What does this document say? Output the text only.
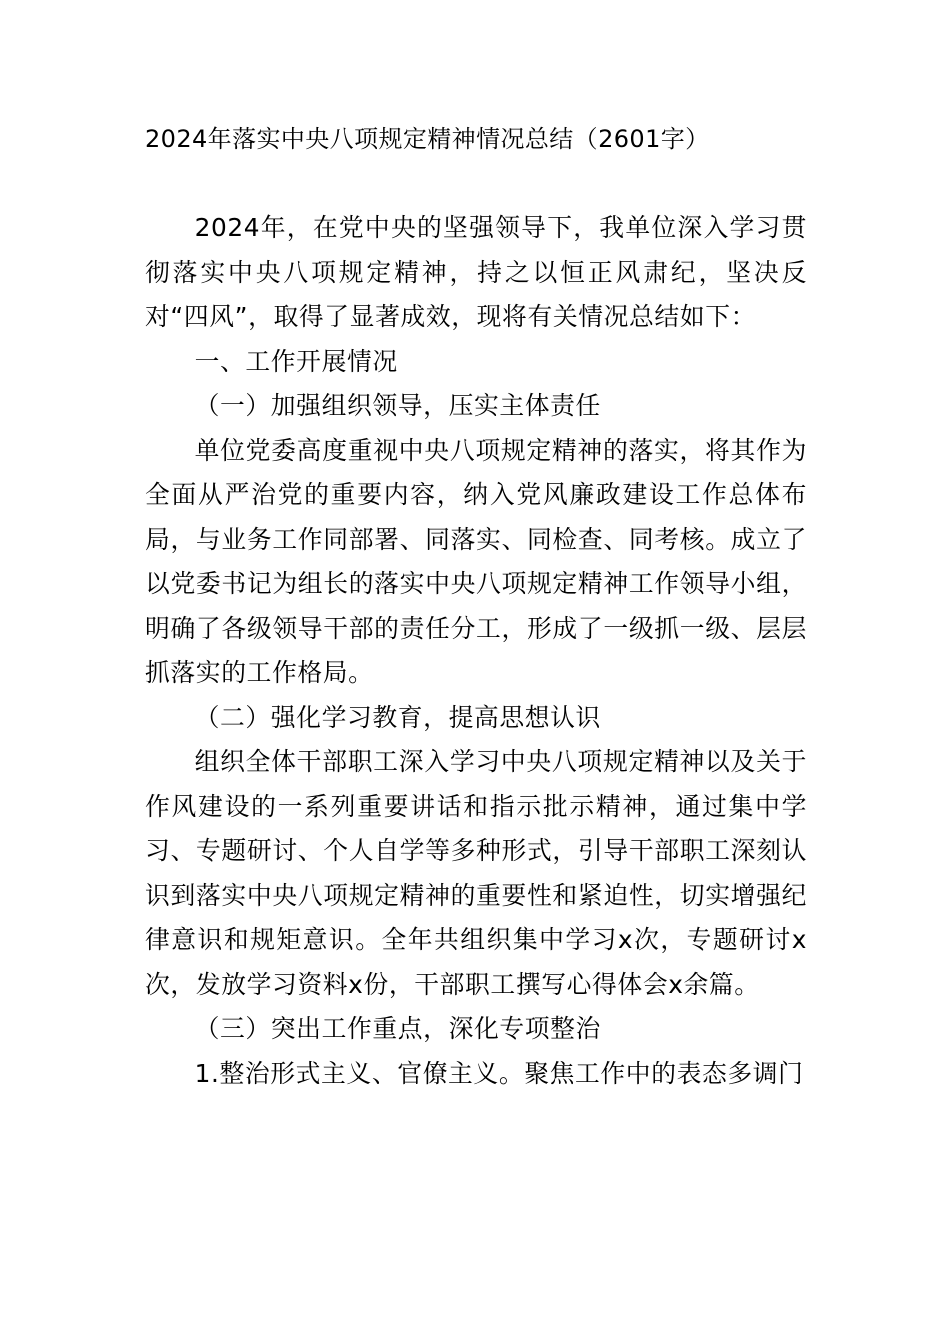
2024年落实中央八项规定精神情况总结（2601字）

2024年，在党中央的坚强领导下，我单位深入学习贯彻落实中央八项规定精神，持之以恒正风肃纪，坚决反对“四风”，取得了显著成效，现将有关情况总结如下：

一、工作开展情况

（一）加强组织领导，压实主体责任

单位党委高度重视中央八项规定精神的落实，将其作为全面从严治党的重要内容，纳入党风廉政建设工作总体布局，与业务工作同部署、同落实、同检查、同考核。成立了以党委书记为组长的落实中央八项规定精神工作领导小组，明确了各级领导干部的责任分工，形成了一级抓一级、层层抓落实的工作格局。

（二）强化学习教育，提高思想认识

组织全体干部职工深入学习中央八项规定精神以及关于作风建设的一系列重要讲话和指示批示精神，通过集中学习、专题研讨、个人自学等多种形式，引导干部职工深刻认识到落实中央八项规定精神的重要性和紧迫性，切实增强纪律意识和规矩意识。全年共组织集中学习x次，专题研讨x次，发放学习资料x份，干部职工撰写心得体会x余篇。

（三）突出工作重点，深化专项整治

1.整治形式主义、官僚主义。聚焦工作中的表态多调门
